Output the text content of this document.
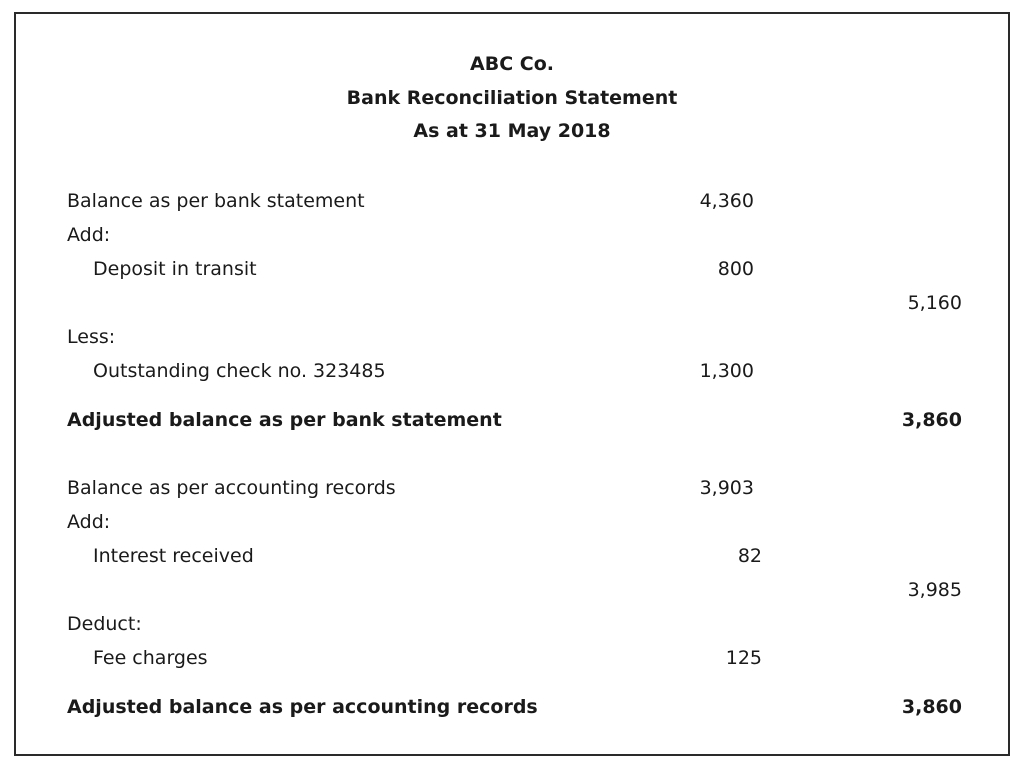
ABC Co.
Bank Reconciliation Statement
As at 31 May 2018
Balance as per bank statement	4,360
Add:
Deposit in transit	800
5,160
Less:
Outstanding check no. 323485	1,300
Adjusted balance as per bank statement	3,860
Balance as per accounting records	3,903
Add:
Interest received	82
3,985
Deduct:
Fee charges	125
Adjusted balance as per accounting records	3,860
